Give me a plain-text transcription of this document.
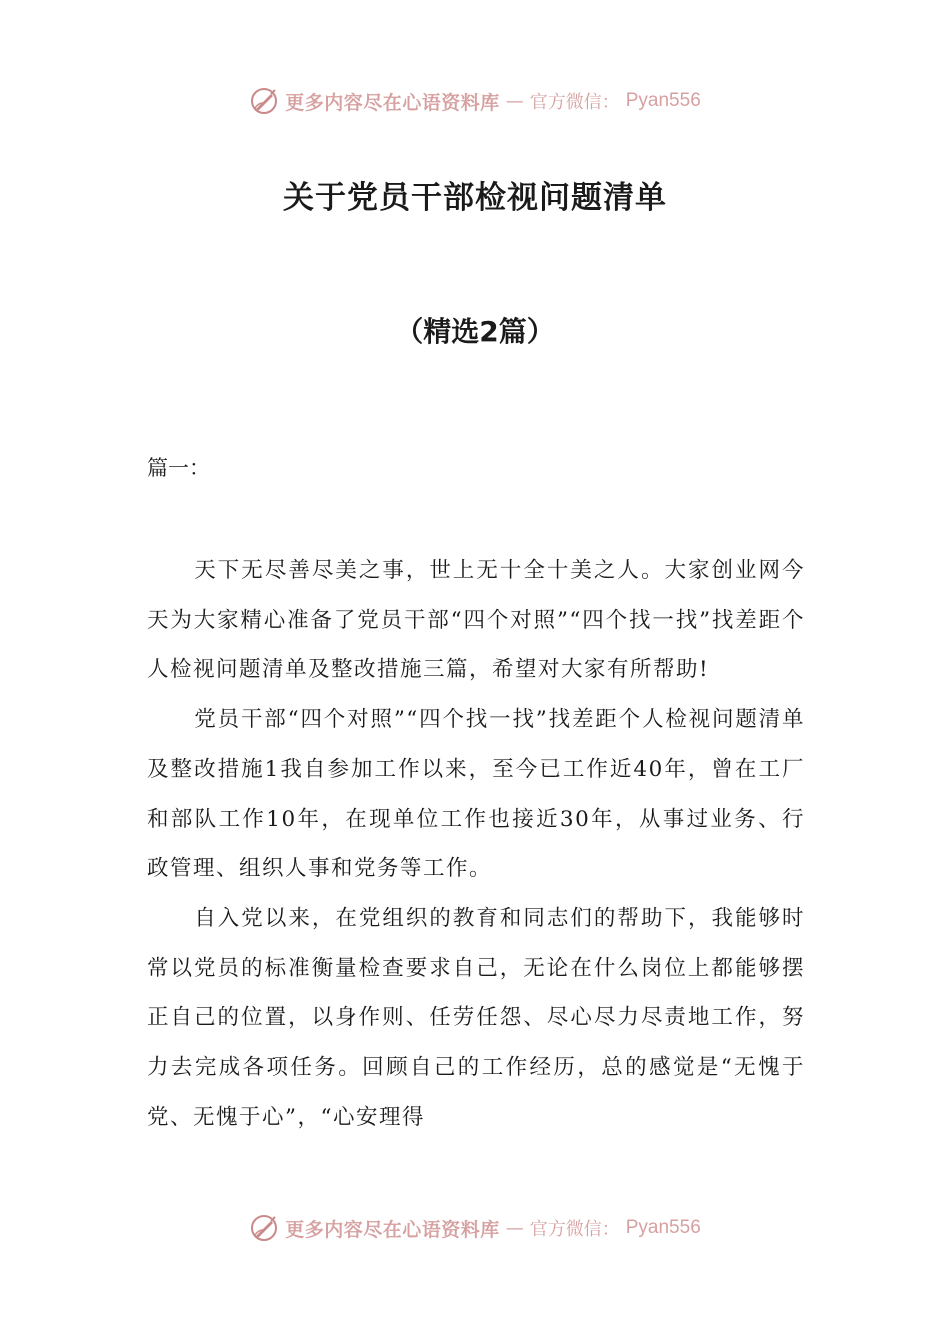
更多内容尽在心语资料库 — 官方微信： Pyan556
关于党员干部检视问题清单
（精选2篇）
篇一：

天下无尽善尽美之事，世上无十全十美之人。大家创业网今天为大家精心准备了党员干部“四个对照”“四个找一找”找差距个人检视问题清单及整改措施三篇，希望对大家有所帮助!

党员干部“四个对照”“四个找一找”找差距个人检视问题清单及整改措施1我自参加工作以来，至今已工作近40年，曾在工厂和部队工作10年，在现单位工作也接近30年，从事过业务、行政管理、组织人事和党务等工作。

自入党以来，在党组织的教育和同志们的帮助下，我能够时常以党员的标准衡量检查要求自己，无论在什么岗位上都能够摆正自己的位置，以身作则、任劳任怨、尽心尽力尽责地工作，努力去完成各项任务。回顾自己的工作经历，总的感觉是“无愧于党、无愧于心”，“心安理得

更多内容尽在心语资料库 — 官方微信： Pyan556
